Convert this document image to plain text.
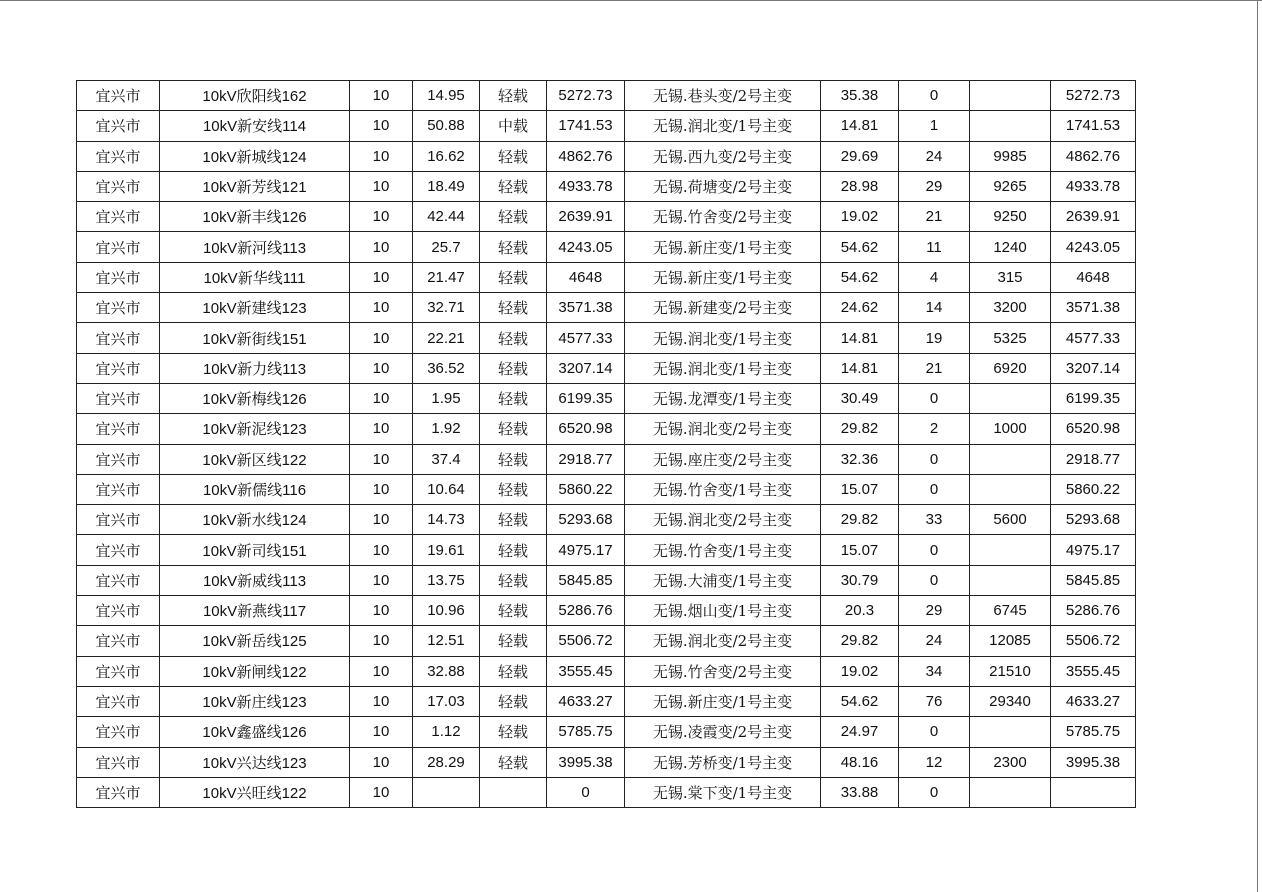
宜兴市	10kV欣阳线162	10	14.95	轻载	5272.73	无锡.巷头变/2号主变	35.38	0		5272.73
宜兴市	10kV新安线114	10	50.88	中载	1741.53	无锡.润北变/1号主变	14.81	1		1741.53
宜兴市	10kV新城线124	10	16.62	轻载	4862.76	无锡.西九变/2号主变	29.69	24	9985	4862.76
宜兴市	10kV新芳线121	10	18.49	轻载	4933.78	无锡.荷塘变/2号主变	28.98	29	9265	4933.78
宜兴市	10kV新丰线126	10	42.44	轻载	2639.91	无锡.竹舍变/2号主变	19.02	21	9250	2639.91
宜兴市	10kV新河线113	10	25.7	轻载	4243.05	无锡.新庄变/1号主变	54.62	11	1240	4243.05
宜兴市	10kV新华线111	10	21.47	轻载	4648	无锡.新庄变/1号主变	54.62	4	315	4648
宜兴市	10kV新建线123	10	32.71	轻载	3571.38	无锡.新建变/2号主变	24.62	14	3200	3571.38
宜兴市	10kV新街线151	10	22.21	轻载	4577.33	无锡.润北变/1号主变	14.81	19	5325	4577.33
宜兴市	10kV新力线113	10	36.52	轻载	3207.14	无锡.润北变/1号主变	14.81	21	6920	3207.14
宜兴市	10kV新梅线126	10	1.95	轻载	6199.35	无锡.龙潭变/1号主变	30.49	0		6199.35
宜兴市	10kV新泥线123	10	1.92	轻载	6520.98	无锡.润北变/2号主变	29.82	2	1000	6520.98
宜兴市	10kV新区线122	10	37.4	轻载	2918.77	无锡.座庄变/2号主变	32.36	0		2918.77
宜兴市	10kV新儒线116	10	10.64	轻载	5860.22	无锡.竹舍变/1号主变	15.07	0		5860.22
宜兴市	10kV新水线124	10	14.73	轻载	5293.68	无锡.润北变/2号主变	29.82	33	5600	5293.68
宜兴市	10kV新司线151	10	19.61	轻载	4975.17	无锡.竹舍变/1号主变	15.07	0		4975.17
宜兴市	10kV新威线113	10	13.75	轻载	5845.85	无锡.大浦变/1号主变	30.79	0		5845.85
宜兴市	10kV新燕线117	10	10.96	轻载	5286.76	无锡.烟山变/1号主变	20.3	29	6745	5286.76
宜兴市	10kV新岳线125	10	12.51	轻载	5506.72	无锡.润北变/2号主变	29.82	24	12085	5506.72
宜兴市	10kV新闸线122	10	32.88	轻载	3555.45	无锡.竹舍变/2号主变	19.02	34	21510	3555.45
宜兴市	10kV新庄线123	10	17.03	轻载	4633.27	无锡.新庄变/1号主变	54.62	76	29340	4633.27
宜兴市	10kV鑫盛线126	10	1.12	轻载	5785.75	无锡.凌霞变/2号主变	24.97	0		5785.75
宜兴市	10kV兴达线123	10	28.29	轻载	3995.38	无锡.芳桥变/1号主变	48.16	12	2300	3995.38
宜兴市	10kV兴旺线122	10			0	无锡.棠下变/1号主变	33.88	0		
